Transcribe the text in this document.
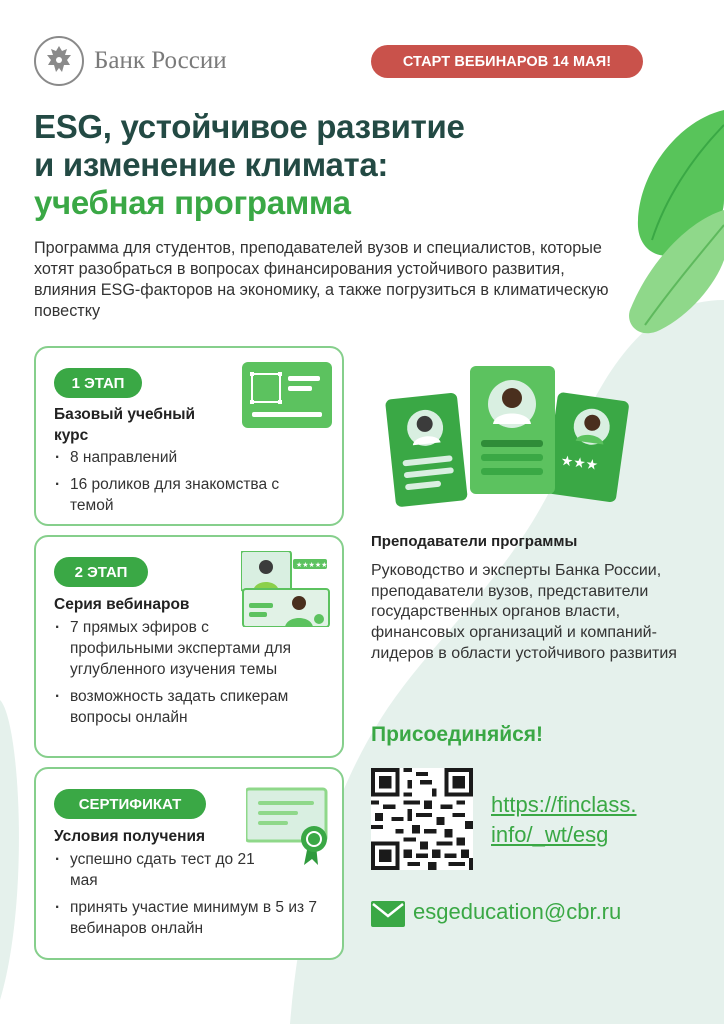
Банк России	СТАРТ ВЕБИНАРОВ 14 МАЯ!
ESG, устойчивое развитие
и изменение климата:
учебная программа
Программа для студентов, преподавателей вузов и специалистов, которые хотят разобраться в вопросах финансирования устойчивого развития, влияния ESG-факторов на экономику, а также погрузиться в климатическую повестку
1 ЭТАП
Базовый учебный курс
· 8 направлений
· 16 роликов для знакомства с темой
2 ЭТАП
Серия вебинаров
· 7 прямых эфиров с профильными экспертами для углубленного изучения темы
· возможность задать спикерам вопросы онлайн
★★★★★
СЕРТИФИКАТ
Условия получения
· успешно сдать тест до 21 мая
· принять участие минимум в 5 из 7 вебинаров онлайн
★★★
Преподаватели программы
Руководство и эксперты Банка России, преподаватели вузов, представители государственных органов власти, финансовых организаций и компаний-лидеров в области устойчивого развития
Присоединяйся!
https://finclass.
info/_wt/esg
esgeducation@cbr.ru
